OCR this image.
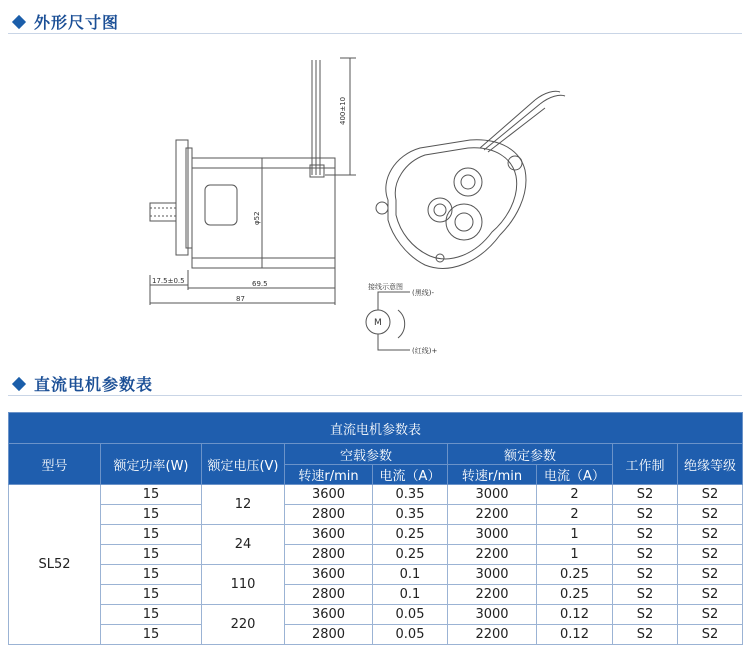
外形尺寸图
400±10
φ52
17.5±0.5	69.5
87
接线示意图
(黑线)-
(红线)+
M
直流电机参数表
直流电机参数表								
型号	额定功率(W)	额定电压(V)	空载参数		额定参数		工作制	绝缘等级
			转速r/min	电流（A）	转速r/min	电流（A）		
SL52	15	12	3600	0.35	3000	2	S2	S2
	15		2800	0.35	2200	2	S2	S2
	15	24	3600	0.25	3000	1	S2	S2
	15		2800	0.25	2200	1	S2	S2
	15	110	3600	0.1	3000	0.25	S2	S2
	15		2800	0.1	2200	0.25	S2	S2
	15	220	3600	0.05	3000	0.12	S2	S2
	15		2800	0.05	2200	0.12	S2	S2
